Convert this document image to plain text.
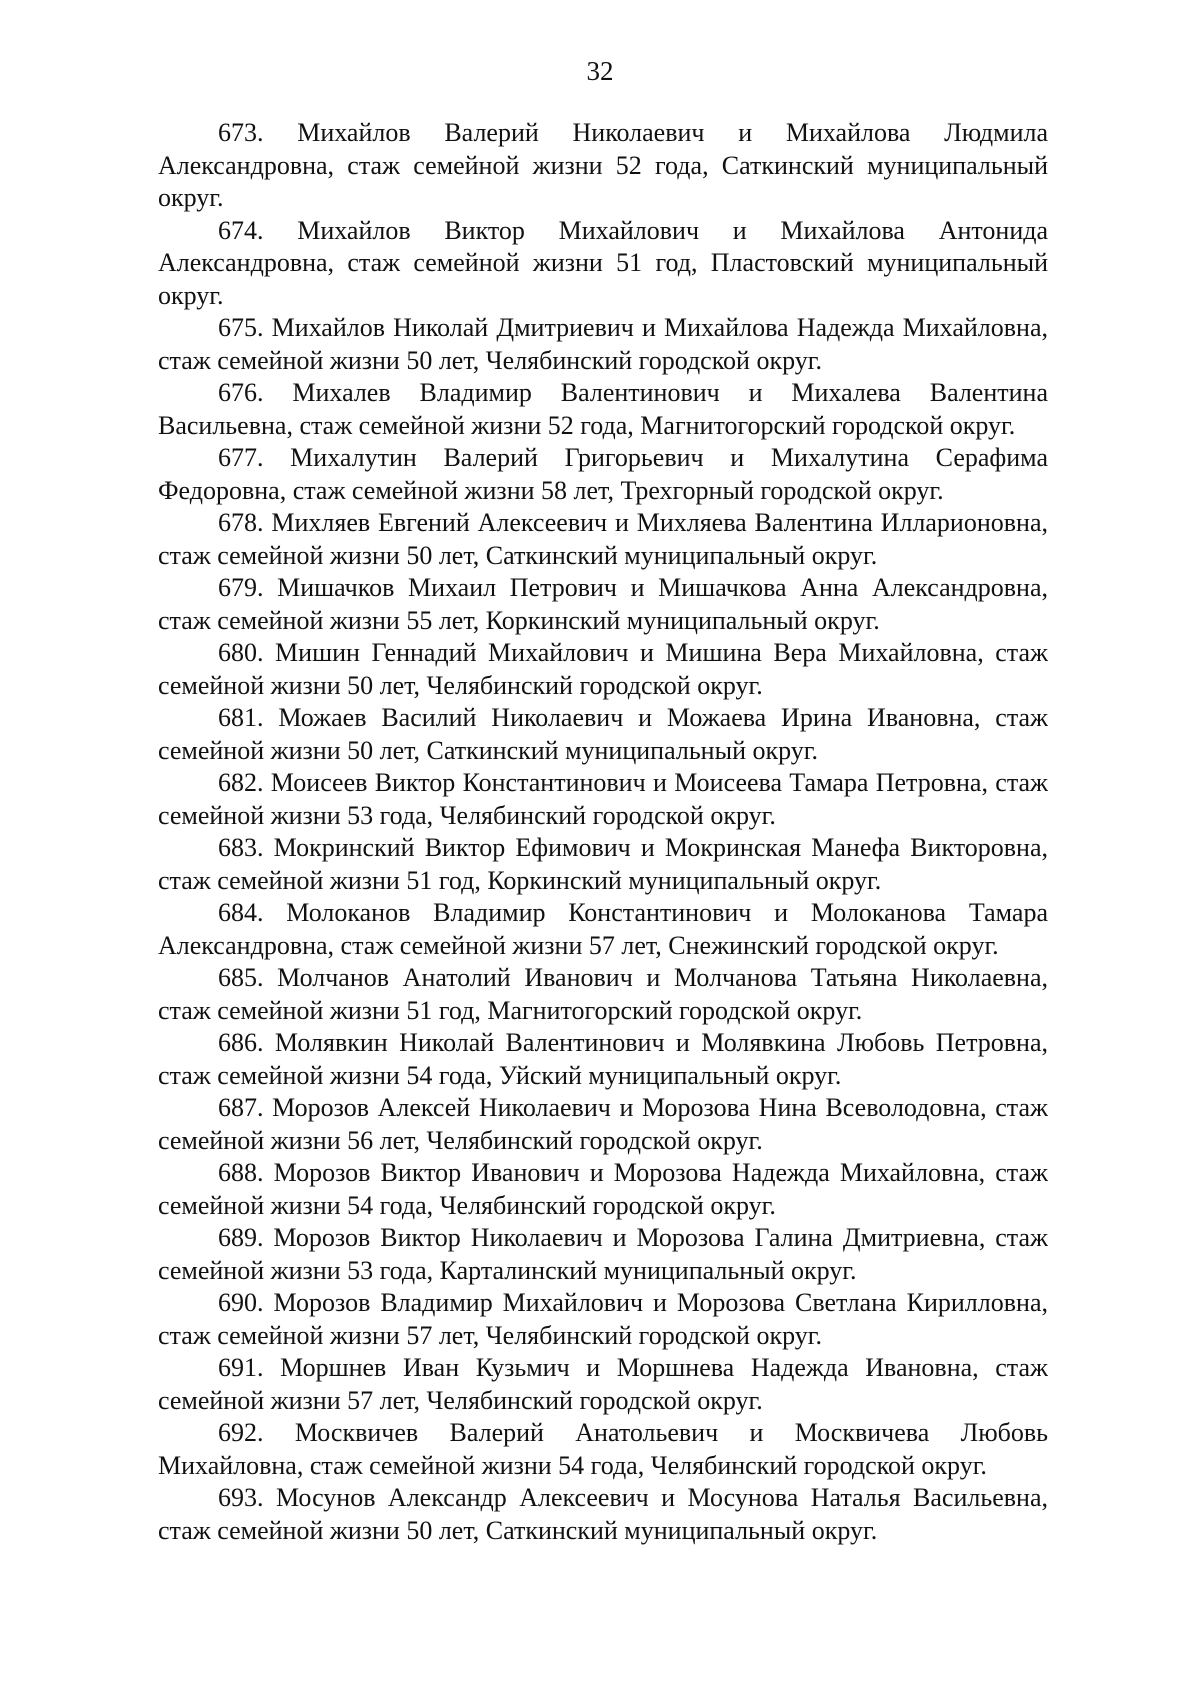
32

673. Михайлов Валерий Николаевич и Михайлова Людмила Александровна, стаж семейной жизни 52 года, Саткинский муниципальный округ.

674. Михайлов Виктор Михайлович и Михайлова Антонида Александровна, стаж семейной жизни 51 год, Пластовский муниципальный округ.

675. Михайлов Николай Дмитриевич и Михайлова Надежда Михайловна, стаж семейной жизни 50 лет, Челябинский городской округ.

676. Михалев Владимир Валентинович и Михалева Валентина Васильевна, стаж семейной жизни 52 года, Магнитогорский городской округ.

677. Михалутин Валерий Григорьевич и Михалутина Серафима Федоровна, стаж семейной жизни 58 лет, Трехгорный городской округ.

678. Михляев Евгений Алексеевич и Михляева Валентина Илларионовна, стаж семейной жизни 50 лет, Саткинский муниципальный округ.

679. Мишачков Михаил Петрович и Мишачкова Анна Александровна, стаж семейной жизни 55 лет, Коркинский муниципальный округ.

680. Мишин Геннадий Михайлович и Мишина Вера Михайловна, стаж семейной жизни 50 лет, Челябинский городской округ.

681. Можаев Василий Николаевич и Можаева Ирина Ивановна, стаж семейной жизни 50 лет, Саткинский муниципальный округ.

682. Моисеев Виктор Константинович и Моисеева Тамара Петровна, стаж семейной жизни 53 года, Челябинский городской округ.

683. Мокринский Виктор Ефимович и Мокринская Манефа Викторовна, стаж семейной жизни 51 год, Коркинский муниципальный округ.

684. Молоканов Владимир Константинович и Молоканова Тамара Александровна, стаж семейной жизни 57 лет, Снежинский городской округ.

685. Молчанов Анатолий Иванович и Молчанова Татьяна Николаевна, стаж семейной жизни 51 год, Магнитогорский городской округ.

686. Молявкин Николай Валентинович и Молявкина Любовь Петровна, стаж семейной жизни 54 года, Уйский муниципальный округ.

687. Морозов Алексей Николаевич и Морозова Нина Всеволодовна, стаж семейной жизни 56 лет, Челябинский городской округ.

688. Морозов Виктор Иванович и Морозова Надежда Михайловна, стаж семейной жизни 54 года, Челябинский городской округ.

689. Морозов Виктор Николаевич и Морозова Галина Дмитриевна, стаж семейной жизни 53 года, Карталинский муниципальный округ.

690. Морозов Владимир Михайлович и Морозова Светлана Кирилловна, стаж семейной жизни 57 лет, Челябинский городской округ.

691. Моршнев Иван Кузьмич и Моршнева Надежда Ивановна, стаж семейной жизни 57 лет, Челябинский городской округ.

692. Москвичев Валерий Анатольевич и Москвичева Любовь Михайловна, стаж семейной жизни 54 года, Челябинский городской округ.

693. Мосунов Александр Алексеевич и Мосунова Наталья Васильевна, стаж семейной жизни 50 лет, Саткинский муниципальный округ.
